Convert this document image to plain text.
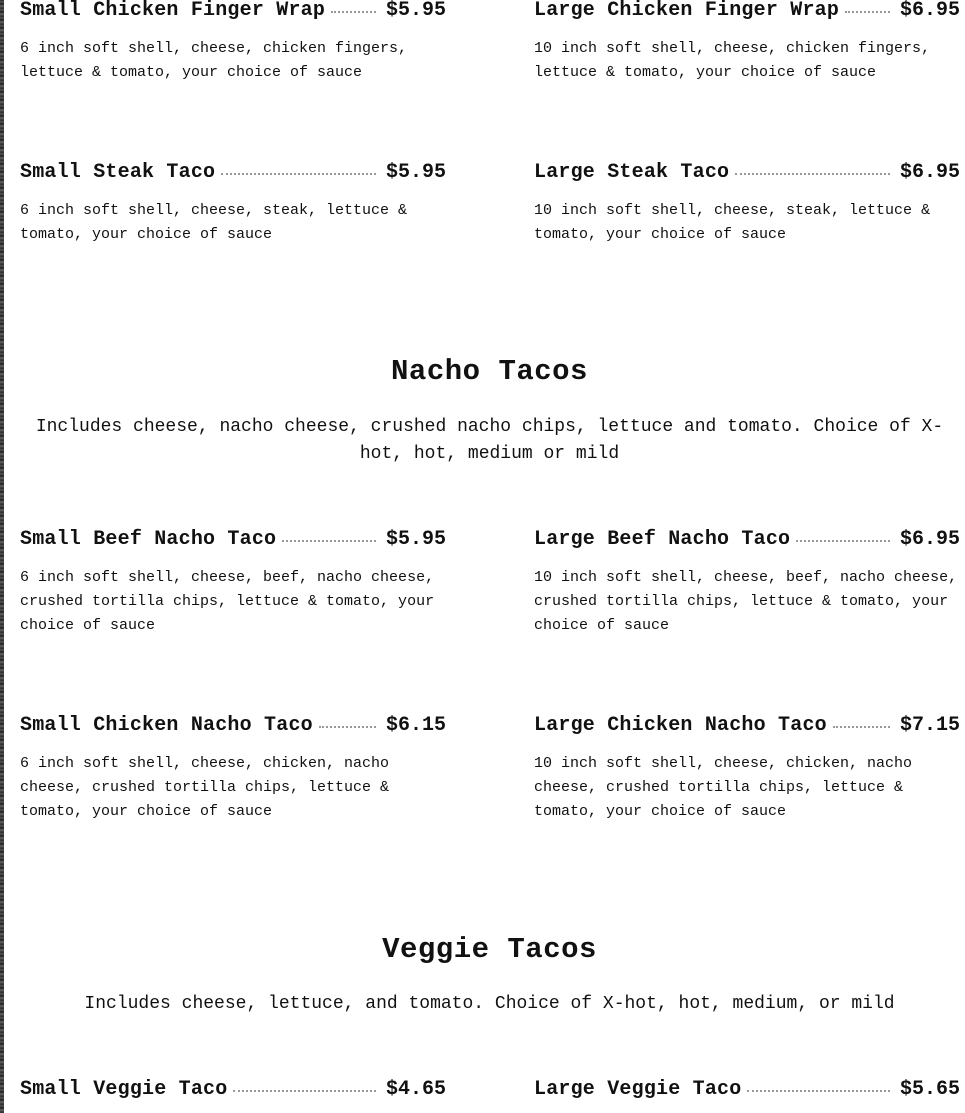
Small Chicken Finger Wrap	$5.95
6 inch soft shell, cheese, chicken fingers, lettuce & tomato, your choice of sauce
Large Chicken Finger Wrap	$6.95
10 inch soft shell, cheese, chicken fingers, lettuce & tomato, your choice of sauce
Small Steak Taco	$5.95
6 inch soft shell, cheese, steak, lettuce & tomato, your choice of sauce
Large Steak Taco	$6.95
10 inch soft shell, cheese, steak, lettuce & tomato, your choice of sauce
Nacho Tacos
Includes cheese, nacho cheese, crushed nacho chips, lettuce and tomato. Choice of X-hot, hot, medium or mild
Small Beef Nacho Taco	$5.95
6 inch soft shell, cheese, beef, nacho cheese, crushed tortilla chips, lettuce & tomato, your choice of sauce
Large Beef Nacho Taco	$6.95
10 inch soft shell, cheese, beef, nacho cheese, crushed tortilla chips, lettuce & tomato, your choice of sauce
Small Chicken Nacho Taco	$6.15
6 inch soft shell, cheese, chicken, nacho cheese, crushed tortilla chips, lettuce & tomato, your choice of sauce
Large Chicken Nacho Taco	$7.15
10 inch soft shell, cheese, chicken, nacho cheese, crushed tortilla chips, lettuce & tomato, your choice of sauce
Veggie Tacos
Includes cheese, lettuce, and tomato. Choice of X-hot, hot, medium, or mild
Small Veggie Taco	$4.65	Large Veggie Taco	$5.65
